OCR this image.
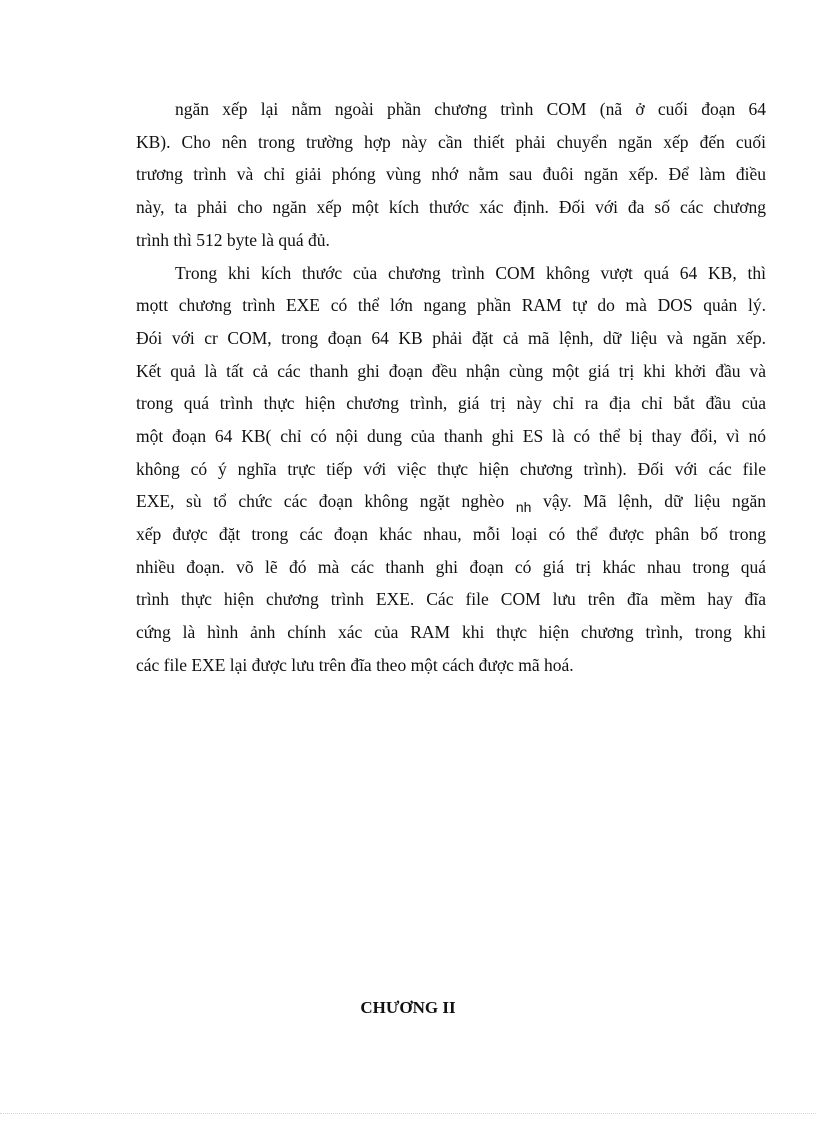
ngăn xếp lại nằm ngoài phần chương trình COM (nã ở cuối đoạn 64
KB). Cho nên trong trường hợp này cần thiết phải chuyển ngăn xếp đến cuối
trương trình và chỉ giải phóng vùng nhớ nằm sau đuôi ngăn xếp. Để làm điều
này, ta phải cho ngăn xếp một kích thước xác định. Đối với đa số các chương
trình thì 512 byte là quá đủ.
Trong khi kích thước của chương trình COM không vượt quá 64 KB, thì
mọtt chương trình EXE có thể lớn ngang phần RAM tự do mà DOS quản lý.
Đói với cr COM, trong đoạn 64 KB phải đặt cả mã lệnh, dữ liệu và ngăn xếp.
Kết quả là tất cả các thanh ghi đoạn đều nhận cùng một giá trị khi khởi đầu và
trong quá trình thực hiện chương trình, giá trị này chỉ ra địa chỉ bắt đầu của
một đoạn 64 KB( chỉ có nội dung của thanh ghi ES là có thể bị thay đổi, vì nó
không có ý nghĩa trực tiếp với việc thực hiện chương trình). Đối với các file
EXE, sù tổ chức các đoạn không ngặt nghèo $_{nh}$ vậy. Mã lệnh, dữ liệu ngăn
xếp được đặt trong các đoạn khác nhau, mỗi loại có thể được phân bố trong
nhiều đoạn. võ lẽ đó mà các thanh ghi đoạn có giá trị khác nhau trong quá
trình thực hiện chương trình EXE. Các file COM lưu trên đĩa mềm hay đĩa
cứng là hình ảnh chính xác của RAM khi thực hiện chương trình, trong khi
các file EXE lại được lưu trên đĩa theo một cách được mã hoá.
CHƯƠNG II
